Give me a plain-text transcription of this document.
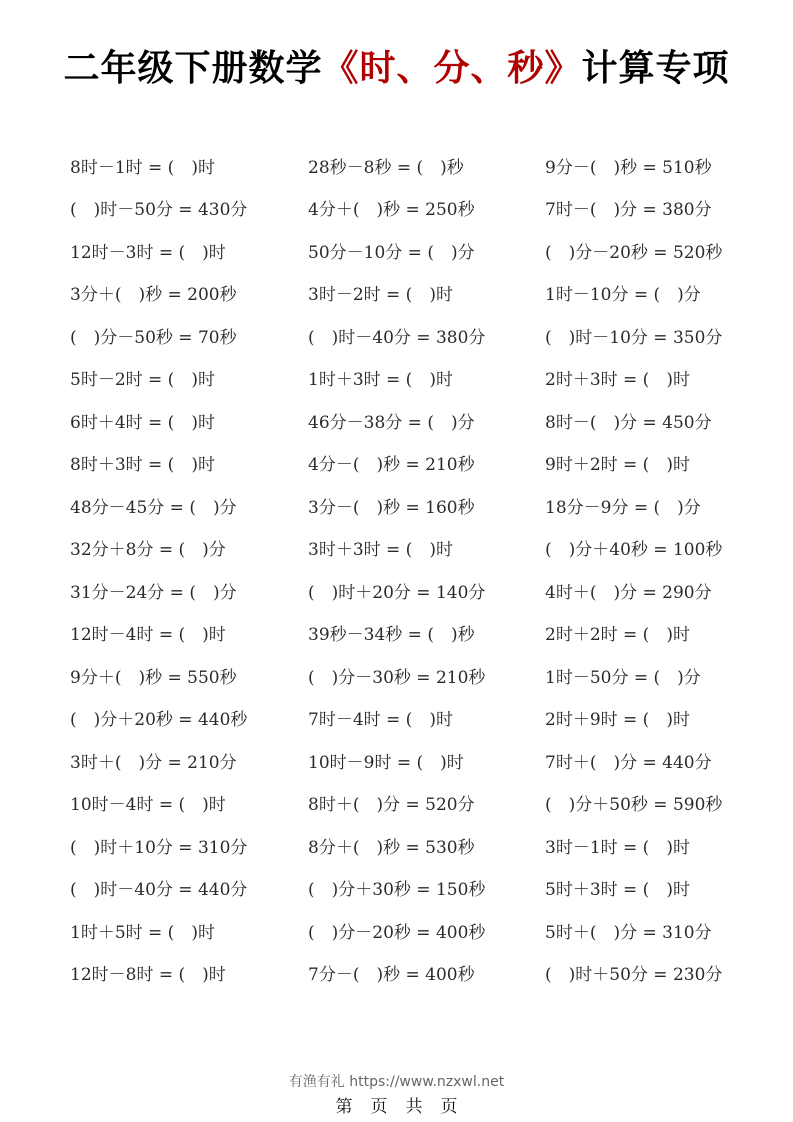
二年级下册数学《时、分、秒》计算专项
8时－1时 = (　)时	28秒－8秒 = (　)秒	9分－(　)秒 = 510秒
(　)时－50分 = 430分	4分＋(　)秒 = 250秒	7时－(　)分 = 380分
12时－3时 = (　)时	50分－10分 = (　)分	(　)分－20秒 = 520秒
3分＋(　)秒 = 200秒	3时－2时 = (　)时	1时－10分 = (　)分
(　)分－50秒 = 70秒	(　)时－40分 = 380分	(　)时－10分 = 350分
5时－2时 = (　)时	1时＋3时 = (　)时	2时＋3时 = (　)时
6时＋4时 = (　)时	46分－38分 = (　)分	8时－(　)分 = 450分
8时＋3时 = (　)时	4分－(　)秒 = 210秒	9时＋2时 = (　)时
48分－45分 = (　)分	3分－(　)秒 = 160秒	18分－9分 = (　)分
32分＋8分 = (　)分	3时＋3时 = (　)时	(　)分＋40秒 = 100秒
31分－24分 = (　)分	(　)时＋20分 = 140分	4时＋(　)分 = 290分
12时－4时 = (　)时	39秒－34秒 = (　)秒	2时＋2时 = (　)时
9分＋(　)秒 = 550秒	(　)分－30秒 = 210秒	1时－50分 = (　)分
(　)分＋20秒 = 440秒	7时－4时 = (　)时	2时＋9时 = (　)时
3时＋(　)分 = 210分	10时－9时 = (　)时	7时＋(　)分 = 440分
10时－4时 = (　)时	8时＋(　)分 = 520分	(　)分＋50秒 = 590秒
(　)时＋10分 = 310分	8分＋(　)秒 = 530秒	3时－1时 = (　)时
(　)时－40分 = 440分	(　)分＋30秒 = 150秒	5时＋3时 = (　)时
1时＋5时 = (　)时	(　)分－20秒 = 400秒	5时＋(　)分 = 310分
12时－8时 = (　)时	7分－(　)秒 = 400秒	(　)时＋50分 = 230分
有渔有礼 https://www.nzxwl.net
第 页 共 页
